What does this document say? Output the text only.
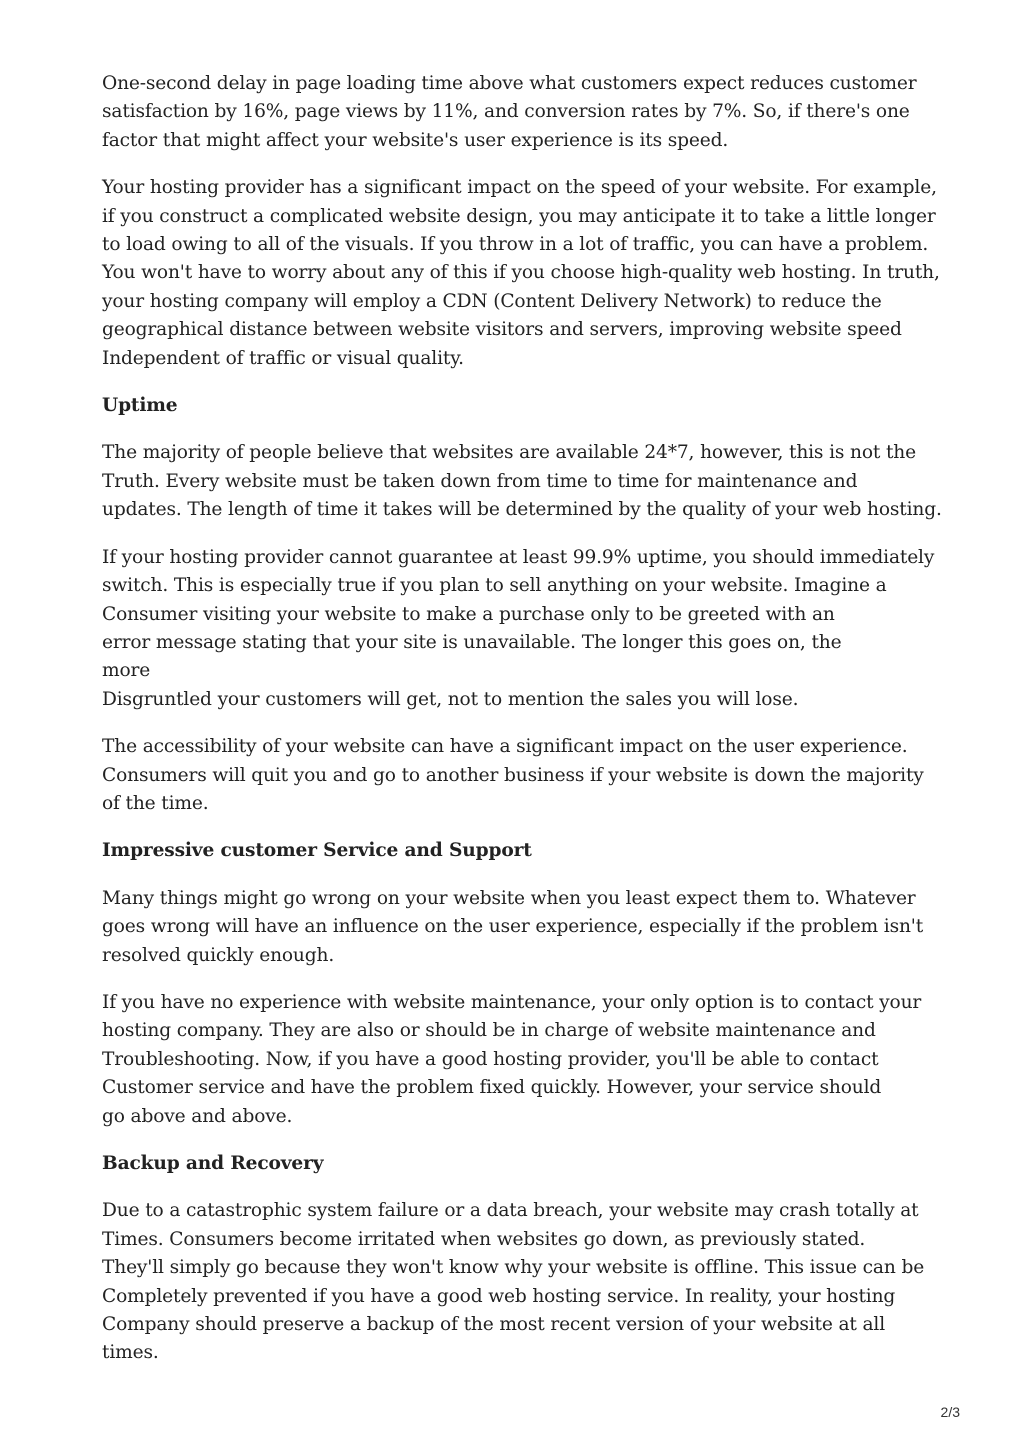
One-second delay in page loading time above what customers expect reduces customer
satisfaction by 16%, page views by 11%, and conversion rates by 7%. So, if there's one
factor that might affect your website's user experience is its speed.

Your hosting provider has a significant impact on the speed of your website. For example,
if you construct a complicated website design, you may anticipate it to take a little longer
to load owing to all of the visuals. If you throw in a lot of traffic, you can have a problem.
You won't have to worry about any of this if you choose high-quality web hosting. In truth,
your hosting company will employ a CDN (Content Delivery Network) to reduce the
geographical distance between website visitors and servers, improving website speed
Independent of traffic or visual quality.

Uptime

The majority of people believe that websites are available 24*7, however, this is not the
Truth. Every website must be taken down from time to time for maintenance and
updates. The length of time it takes will be determined by the quality of your web hosting.

If your hosting provider cannot guarantee at least 99.9% uptime, you should immediately
switch. This is especially true if you plan to sell anything on your website. Imagine a
Consumer visiting your website to make a purchase only to be greeted with an
error message stating that your site is unavailable. The longer this goes on, the
more
Disgruntled your customers will get, not to mention the sales you will lose.

The accessibility of your website can have a significant impact on the user experience.
Consumers will quit you and go to another business if your website is down the majority
of the time.

Impressive customer Service and Support

Many things might go wrong on your website when you least expect them to. Whatever
goes wrong will have an influence on the user experience, especially if the problem isn't
resolved quickly enough.

If you have no experience with website maintenance, your only option is to contact your
hosting company. They are also or should be in charge of website maintenance and
Troubleshooting. Now, if you have a good hosting provider, you'll be able to contact
Customer service and have the problem fixed quickly. However, your service should
go above and above.

Backup and Recovery

Due to a catastrophic system failure or a data breach, your website may crash totally at
Times. Consumers become irritated when websites go down, as previously stated.
They'll simply go because they won't know why your website is offline. This issue can be
Completely prevented if you have a good web hosting service. In reality, your hosting
Company should preserve a backup of the most recent version of your website at all
times.

2/3
